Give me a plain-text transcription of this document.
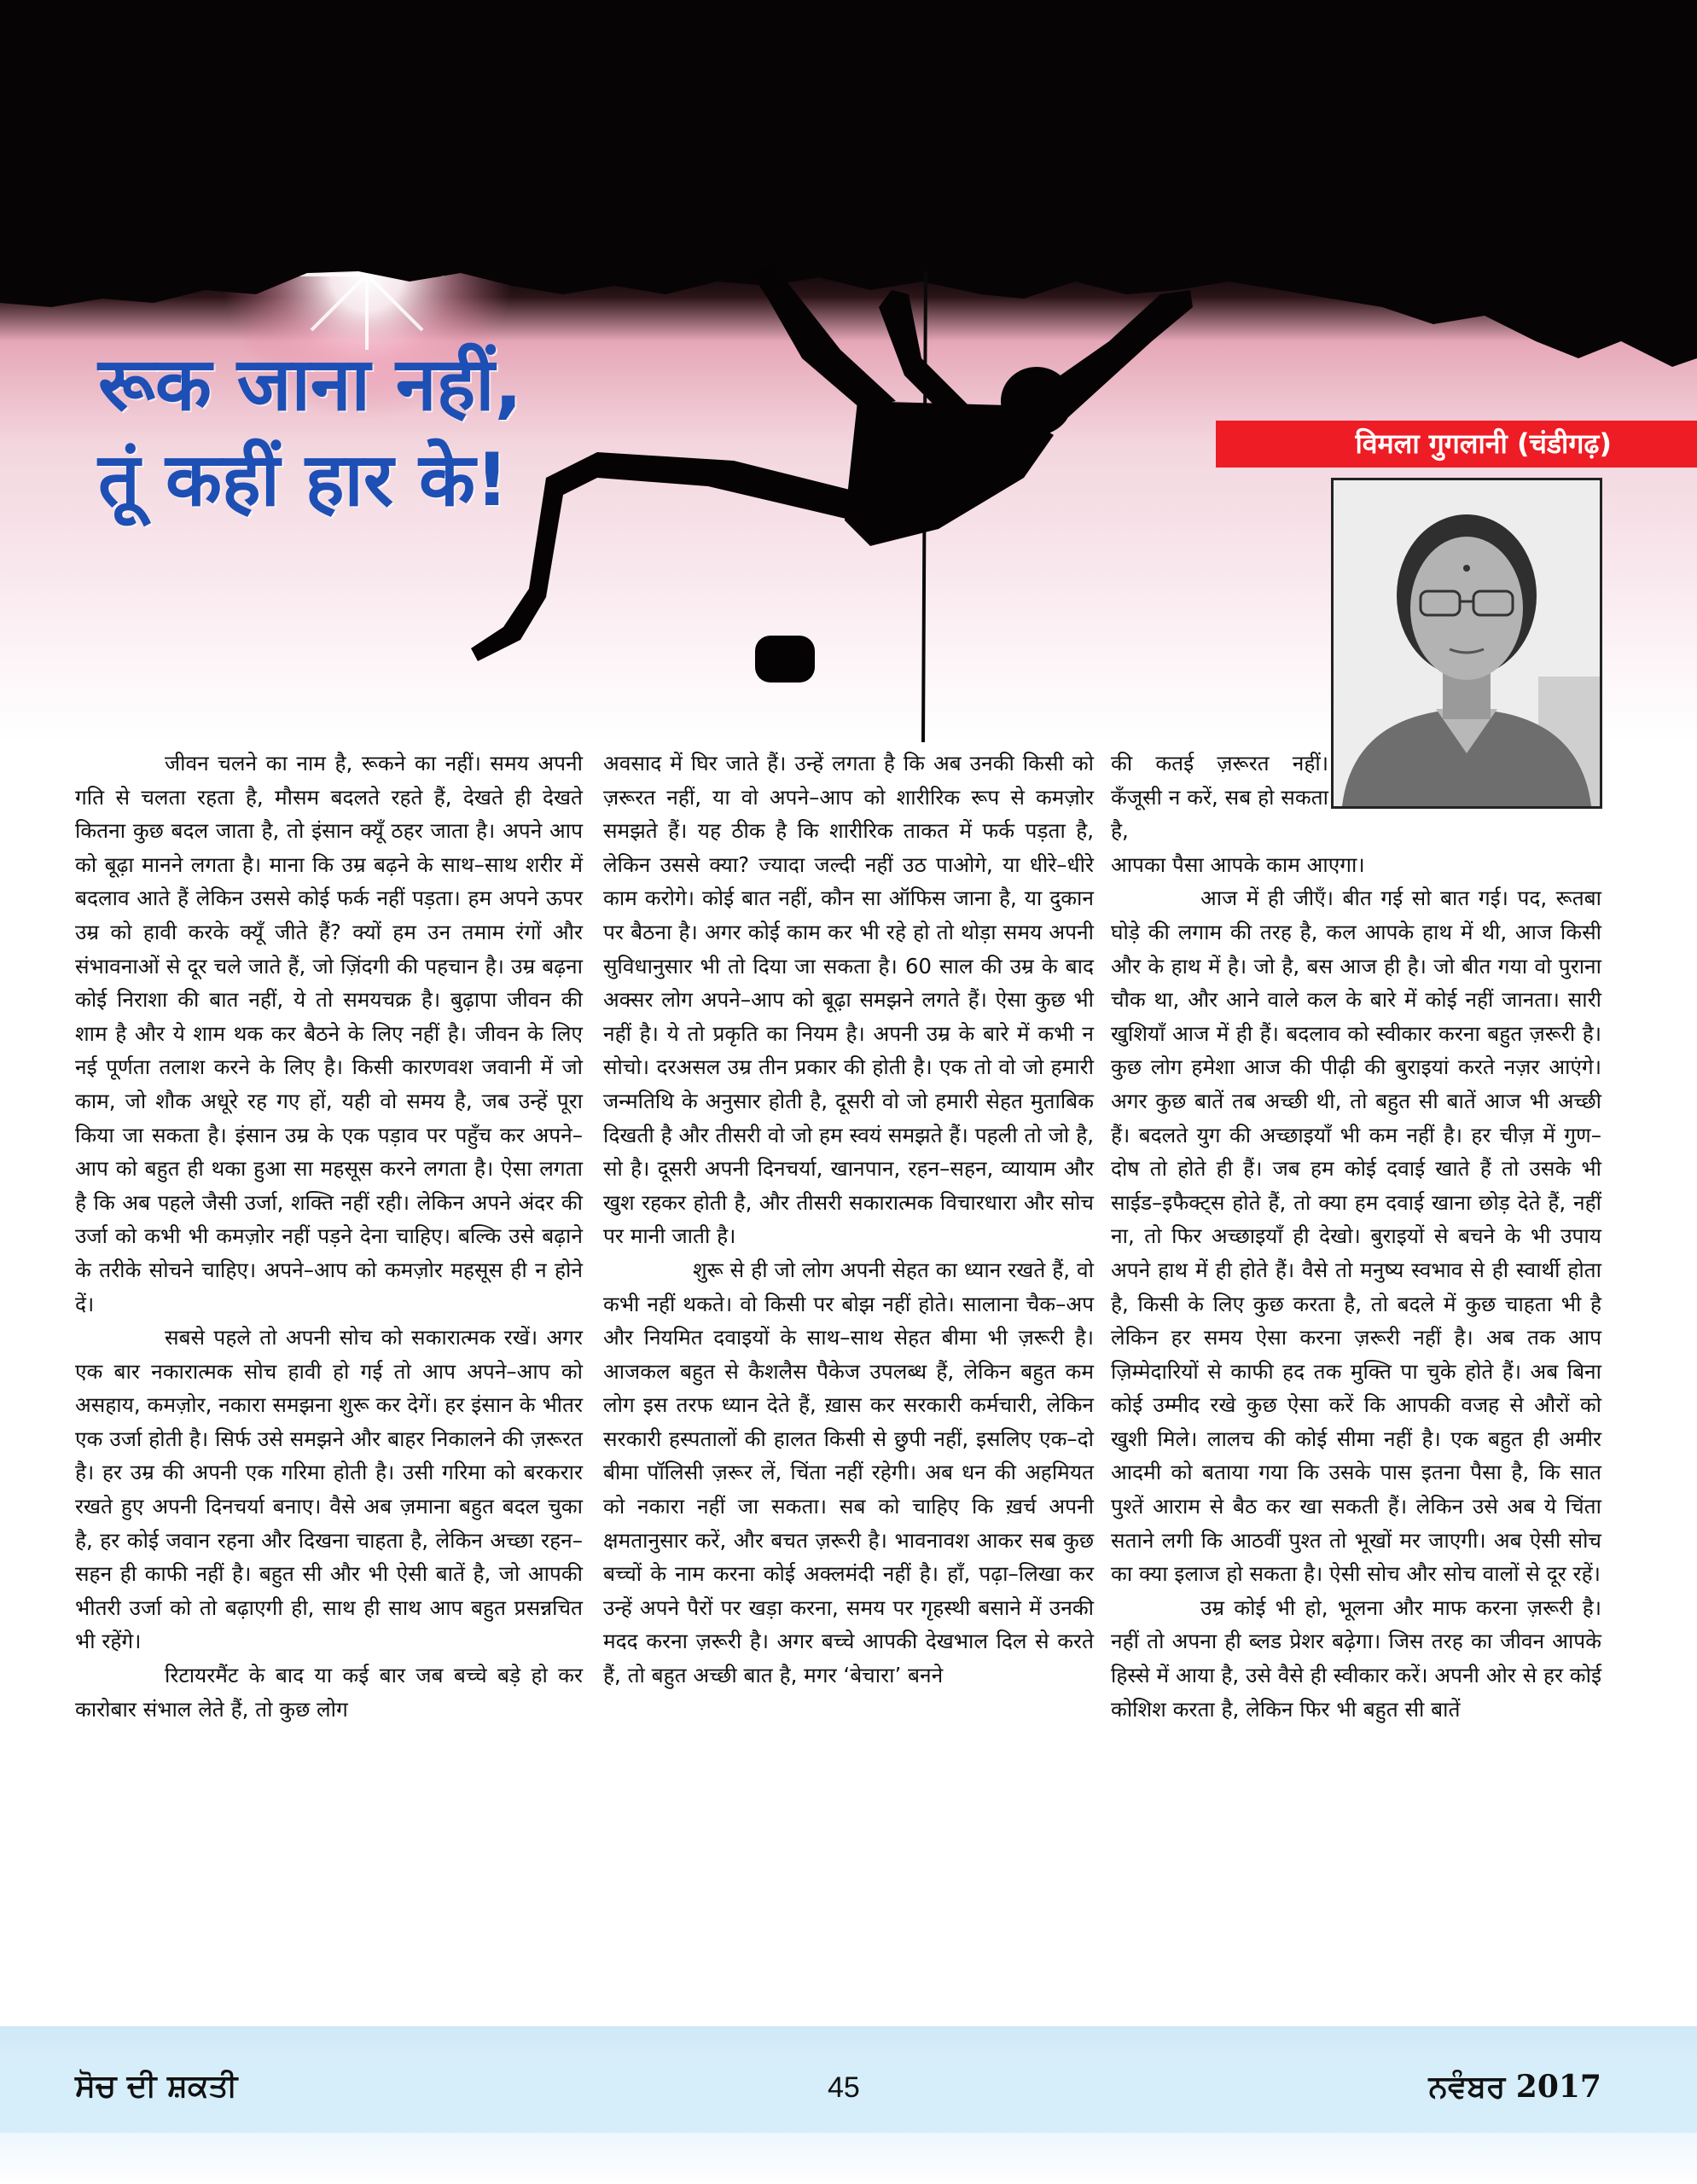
रूक जाना नहीं,
तूं कहीं हार के!	विमला गुगलानी (चंडीगढ़)

जीवन चलने का नाम है, रूकने का नहीं। समय अपनी गति से चलता रहता है, मौसम बदलते रहते हैं, देखते ही देखते कितना कुछ बदल जाता है, तो इंसान क्यूँ ठहर जाता है। अपने आप को बूढ़ा मानने लगता है। माना कि उम्र बढ़ने के साथ–साथ शरीर में बदलाव आते हैं लेकिन उससे कोई फर्क नहीं पड़ता। हम अपने ऊपर उम्र को हावी करके क्यूँ जीते हैं? क्यों हम उन तमाम रंगों और संभावनाओं से दूर चले जाते हैं, जो ज़िंदगी की पहचान है। उम्र बढ़ना कोई निराशा की बात नहीं, ये तो समयचक्र है। बुढ़ापा जीवन की शाम है और ये शाम थक कर बैठने के लिए नहीं है। जीवन के लिए नई पूर्णता तलाश करने के लिए है। किसी कारणवश जवानी में जो काम, जो शौक अधूरे रह गए हों, यही वो समय है, जब उन्हें पूरा किया जा सकता है। इंसान उम्र के एक पड़ाव पर पहुँच कर अपने–आप को बहुत ही थका हुआ सा महसूस करने लगता है। ऐसा लगता है कि अब पहले जैसी उर्जा, शक्ति नहीं रही। लेकिन अपने अंदर की उर्जा को कभी भी कमज़ोर नहीं पड़ने देना चाहिए। बल्कि उसे बढ़ाने के तरीके सोचने चाहिए। अपने–आप को कमज़ोर महसूस ही न होने दें।

सबसे पहले तो अपनी सोच को सकारात्मक रखें। अगर एक बार नकारात्मक सोच हावी हो गई तो आप अपने–आप को असहाय, कमज़ोर, नकारा समझना शुरू कर देगें। हर इंसान के भीतर एक उर्जा होती है। सिर्फ उसे समझने और बाहर निकालने की ज़रूरत है। हर उम्र की अपनी एक गरिमा होती है। उसी गरिमा को बरकरार रखते हुए अपनी दिनचर्या बनाए। वैसे अब ज़माना बहुत बदल चुका है, हर कोई जवान रहना और दिखना चाहता है, लेकिन अच्छा रहन–सहन ही काफी नहीं है। बहुत सी और भी ऐसी बातें है, जो आपकी भीतरी उर्जा को तो बढ़ाएगी ही, साथ ही साथ आप बहुत प्रसन्नचित भी रहेंगे।

रिटायरमैंट के बाद या कई बार जब बच्चे बड़े हो कर कारोबार संभाल लेते हैं, तो कुछ लोग

अवसाद में घिर जाते हैं। उन्हें लगता है कि अब उनकी किसी को ज़रूरत नहीं, या वो अपने–आप को शारीरिक रूप से कमज़ोर समझते हैं। यह ठीक है कि शारीरिक ताकत में फर्क पड़ता है, लेकिन उससे क्या? ज्यादा जल्दी नहीं उठ पाओगे, या धीरे–धीरे काम करोगे। कोई बात नहीं, कौन सा ऑफिस जाना है, या दुकान पर बैठना है। अगर कोई काम कर भी रहे हो तो थोड़ा समय अपनी सुविधानुसार भी तो दिया जा सकता है। 60 साल की उम्र के बाद अक्सर लोग अपने–आप को बूढ़ा समझने लगते हैं। ऐसा कुछ भी नहीं है। ये तो प्रकृति का नियम है। अपनी उम्र के बारे में कभी न सोचो। दरअसल उम्र तीन प्रकार की होती है। एक तो वो जो हमारी जन्मतिथि के अनुसार होती है, दूसरी वो जो हमारी सेहत मुताबिक दिखती है और तीसरी वो जो हम स्वयं समझते हैं। पहली तो जो है, सो है। दूसरी अपनी दिनचर्या, खानपान, रहन–सहन, व्यायाम और खुश रहकर होती है, और तीसरी सकारात्मक विचारधारा और सोच पर मानी जाती है।

शुरू से ही जो लोग अपनी सेहत का ध्यान रखते हैं, वो कभी नहीं थकते। वो किसी पर बोझ नहीं होते। सालाना चैक–अप और नियमित दवाइयों के साथ–साथ सेहत बीमा भी ज़रूरी है। आजकल बहुत से कैशलैस पैकेज उपलब्ध हैं, लेकिन बहुत कम लोग इस तरफ ध्यान देते हैं, ख़ास कर सरकारी कर्मचारी, लेकिन सरकारी हस्पतालों की हालत किसी से छुपी नहीं, इसलिए एक–दो बीमा पॉलिसी ज़रूर लें, चिंता नहीं रहेगी। अब धन की अहमियत को नकारा नहीं जा सकता। सब को चाहिए कि ख़र्च अपनी क्षमतानुसार करें, और बचत ज़रूरी है। भावनावश आकर सब कुछ बच्चों के नाम करना कोई अक्लमंदी नहीं है। हाँ, पढ़ा–लिखा कर उन्हें अपने पैरों पर खड़ा करना, समय पर गृहस्थी बसाने में उनकी मदद करना ज़रूरी है। अगर बच्चे आपकी देखभाल दिल से करते हैं, तो बहुत अच्छी बात है, मगर ‘बेचारा’ बनने

की कतई ज़रूरत नहीं। कँजूसी न करें, सब हो सकता है,

आपका पैसा आपके काम आएगा।

आज में ही जीएँ। बीत गई सो बात गई। पद, रूतबा घोड़े की लगाम की तरह है, कल आपके हाथ में थी, आज किसी और के हाथ में है। जो है, बस आज ही है। जो बीत गया वो पुराना चौक था, और आने वाले कल के बारे में कोई नहीं जानता। सारी खुशियाँ आज में ही हैं। बदलाव को स्वीकार करना बहुत ज़रूरी है। कुछ लोग हमेशा आज की पीढ़ी की बुराइयां करते नज़र आएंगे। अगर कुछ बातें तब अच्छी थी, तो बहुत सी बातें आज भी अच्छी हैं। बदलते युग की अच्छाइयाँ भी कम नहीं है। हर चीज़ में गुण–दोष तो होते ही हैं। जब हम कोई दवाई खाते हैं तो उसके भी साईड–इफैक्ट्स होते हैं, तो क्या हम दवाई खाना छोड़ देते हैं, नहीं ना, तो फिर अच्छाइयाँ ही देखो। बुराइयों से बचने के भी उपाय अपने हाथ में ही होते हैं। वैसे तो मनुष्य स्वभाव से ही स्वार्थी होता है, किसी के लिए कुछ करता है, तो बदले में कुछ चाहता भी है लेकिन हर समय ऐसा करना ज़रूरी नहीं है। अब तक आप ज़िम्मेदारियों से काफी हद तक मुक्ति पा चुके होते हैं। अब बिना कोई उम्मीद रखे कुछ ऐसा करें कि आपकी वजह से औरों को खुशी मिले। लालच की कोई सीमा नहीं है। एक बहुत ही अमीर आदमी को बताया गया कि उसके पास इतना पैसा है, कि सात पुश्तें आराम से बैठ कर खा सकती हैं। लेकिन उसे अब ये चिंता सताने लगी कि आठवीं पुश्त तो भूखों मर जाएगी। अब ऐसी सोच का क्या इलाज हो सकता है। ऐसी सोच और सोच वालों से दूर रहें।

उम्र कोई भी हो, भूलना और माफ करना ज़रूरी है। नहीं तो अपना ही ब्लड प्रेशर बढ़ेगा। जिस तरह का जीवन आपके हिस्से में आया है, उसे वैसे ही स्वीकार करें। अपनी ओर से हर कोई कोशिश करता है, लेकिन फिर भी बहुत सी बातें

ਸੋਚ ਦੀ ਸ਼ਕਤੀ	45	ਨਵੰਬਰ 2017
